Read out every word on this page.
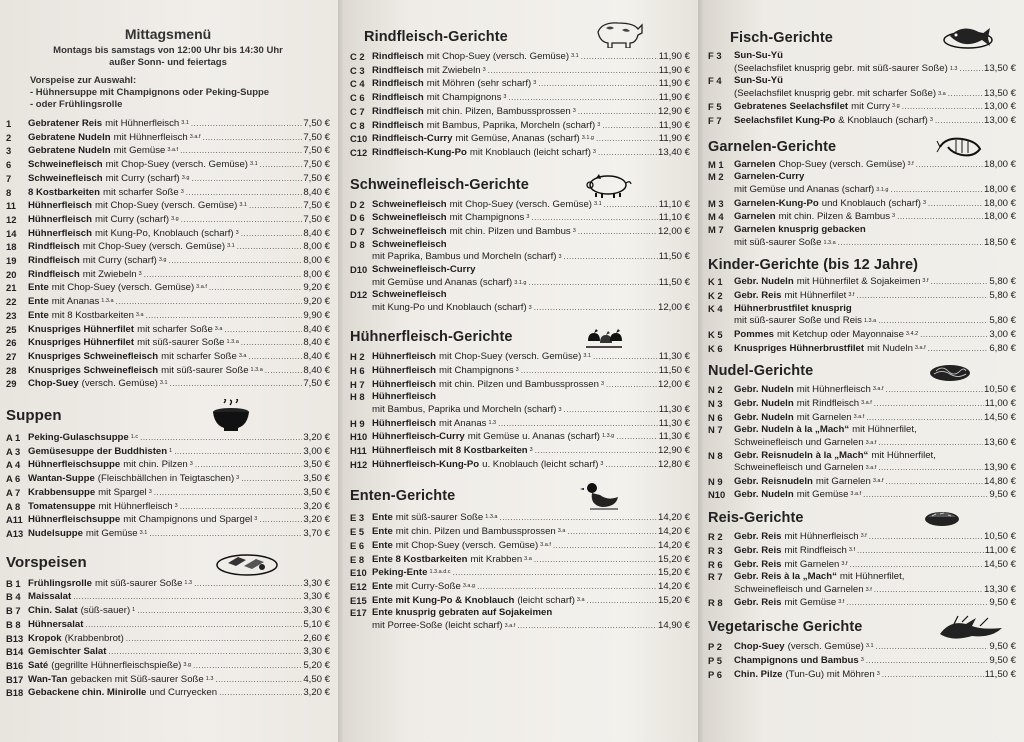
Mittagsmenü
Montags bis samstags von 12:00 Uhr bis 14:30 Uhr
außer Sonn- und feiertags
Vorspeise zur Auswahl:
- Hühnersuppe mit Champignons oder Peking-Suppe
- oder Frühlingsrolle
1	Gebratener Reis mit Hühnerfleisch 3.1 .....	7,50 €
2	Gebratene Nudeln mit Hühnerfleisch 3.a.f .....	7,50 €
3	Gebratene Nudeln mit Gemüse 3.a.f .....	7,50 €
6	Schweinefleisch mit Chop-Suey (versch. Gemüse) 3.1 .....	7,50 €
7	Schweinefleisch mit Curry (scharf) 3.g .....	7,50 €
8	8 Kostbarkeiten mit scharfer Soße 3 .....	8,40 €
11	Hühnerfleisch mit Chop-Suey (versch. Gemüse) 3.1 .....	7,50 €
12	Hühnerfleisch mit Curry (scharf) 3.g .....	7,50 €
14	Hühnerfleisch mit Kung-Po, Knoblauch (scharf) 3 .....	8,40 €
18	Rindfleisch mit Chop-Suey (versch. Gemüse) 3.1 .....	8,00 €
19	Rindfleisch mit Curry (scharf) 3.g .....	8,00 €
20	Rindfleisch mit Zwiebeln 3 .....	8,00 €
21	Ente mit Chop-Suey (versch. Gemüse) 3.a.f .....	9,20 €
22	Ente mit Ananas 1.3.a .....	9,20 €
23	Ente mit 8 Kostbarkeiten 3.a .....	9,90 €
25	Knuspriges Hühnerfilet mit scharfer Soße 3.a .....	8,40 €
26	Knuspriges Hühnerfilet mit süß-saurer Soße 1.3.a .....	8,40 €
27	Knuspriges Schweinefleisch mit scharfer Soße 3.a .....	8,40 €
28	Knuspriges Schweinefleisch mit süß-saurer Soße 1.3.a .....	8,40 €
29	Chop-Suey (versch. Gemüse) 3.1 .....	7,50 €
Suppen
A 1 Peking-Gulaschsuppe 1.c .....	3,20 €
A 3 Gemüsesuppe der Buddhisten 1 .....	3,00 €
A 4 Hühnerfleischsuppe mit chin. Pilzen 3 .....	3,50 €
A 6 Wantan-Suppe (Fleischbällchen in Teigtaschen) 3 .....	3,50 €
A 7 Krabbensuppe mit Spargel 3 .....	3,50 €
A 8 Tomatensuppe mit Hühnerfleisch 3 .....	3,20 €
A11 Hühnerfleischsuppe mit Champignons und Spargel 3 .....	3,20 €
A13 Nudelsuppe mit Gemüse 3.1 .....	3,70 €
Vorspeisen
B 1 Frühlingsrolle mit süß-saurer Soße 1.3 .....	3,30 €
B 4 Maissalat .....	3,30 €
B 7 Chin. Salat (süß-sauer) 1 .....	3,30 €
B 8 Hühnersalat .....	5,10 €
B13 Kropok (Krabbenbrot) .....	2,60 €
B14 Gemischter Salat .....	3,30 €
B16 Saté (gegrillte Hühnerfleischspieße) 3.g .....	5,20 €
B17 Wan-Tan gebacken mit Süß-saurer Soße 1.3 .....	4,50 €
B18 Gebackene chin. Minirolle und Curryecken .....	3,20 €
Rindfleisch-Gerichte
C 2 Rindfleisch mit Chop-Suey (versch. Gemüse) 3.1 .....	11,90 €
C 3 Rindfleisch mit Zwiebeln 3 .....	11,90 €
C 4 Rindfleisch mit Möhren (sehr scharf) 3 .....	11,90 €
C 6 Rindfleisch mit Champignons 3 .....	11,90 €
C 7 Rindfleisch mit chin. Pilzen, Bambussprossen 3 .....	12,90 €
C 8 Rindfleisch mit Bambus, Paprika, Morcheln (scharf) 3 .....	11,90 €
C10 Rindfleisch-Curry mit Gemüse, Ananas (scharf) 3.1.g .....	11,90 €
C12 Rindfleisch-Kung-Po mit Knoblauch (leicht scharf) 3 .....	13,40 €
Schweinefleisch-Gerichte
D 2 Schweinefleisch mit Chop-Suey (versch. Gemüse) 3.1 .....	11,10 €
D 6 Schweinefleisch mit Champignons 3 .....	11,10 €
D 7 Schweinefleisch mit chin. Pilzen und Bambus 3 .....	12,00 €
D 8 Schweinefleisch
mit Paprika, Bambus und Morcheln (scharf) 3 .....	11,50 €
D10 Schweinefleisch-Curry
mit Gemüse und Ananas (scharf) 3.1.g .....	11,50 €
D12 Schweinefleisch
mit Kung-Po und Knoblauch (scharf) 3 .....	12,00 €
Hühnerfleisch-Gerichte
H 2 Hühnerfleisch mit Chop-Suey (versch. Gemüse) 3.1 .....	11,30 €
H 6 Hühnerfleisch mit Champignons 3 .....	11,50 €
H 7 Hühnerfleisch mit chin. Pilzen und Bambussprossen 3 .....	12,00 €
H 8 Hühnerfleisch
mit Bambus, Paprika und Morcheln (scharf) 3 .....	11,30 €
H 9 Hühnerfleisch mit Ananas 1.3 .....	11,30 €
H10 Hühnerfleisch-Curry mit Gemüse u. Ananas (scharf) 1.3.g .....	11,30 €
H11 Hühnerfleisch mit 8 Kostbarkeiten 3 .....	12,90 €
H12 Hühnerfleisch-Kung-Po u. Knoblauch (leicht scharf) 3 .....	12,80 €
Enten-Gerichte
E 3 Ente mit süß-saurer Soße 1.3.a .....	14,20 €
E 5 Ente mit chin. Pilzen und Bambussprossen 3.a .....	14,20 €
E 6 Ente mit Chop-Suey (versch. Gemüse) 3.a.f .....	14,20 €
E 8 Ente 8 Kostbarkeiten mit Krabben 3.a .....	15,20 €
E10 Peking-Ente 1.3.a.d.c .....	15,20 €
E12 Ente mit Curry-Soße 3.a.g .....	14,20 €
E15 Ente mit Kung-Po & Knoblauch (leicht scharf) 3.a .....	15,20 €
E17 Ente knusprig gebraten auf Sojakeimen
mit Porree-Soße (leicht scharf) 3.a.f .....	14,90 €
Fisch-Gerichte
F 3	Sun-Su-Yü
(Seelachsfilet knusprig gebr. mit süß-saurer Soße) 1.3 .....	13,50 €
F 4	Sun-Su-Yü
(Seelachsfilet knusprig gebr. mit scharfer Soße) 3.a .....	13,50 €
F 5	Gebratenes Seelachsfilet mit Curry 3.g .....	13,00 €
F 7	Seelachsfilet Kung-Po & Knoblauch (scharf) 3 .....	13,00 €
Garnelen-Gerichte
M 1	Garnelen Chop-Suey (versch. Gemüse) 3.f .....	18,00 €
M 2	Garnelen-Curry
mit Gemüse und Ananas (scharf) 3.1.g .....	18,00 €
M 3	Garnelen-Kung-Po und Knoblauch (scharf) 3 .....	18,00 €
M 4	Garnelen mit chin. Pilzen & Bambus 3 .....	18,00 €
M 7	Garnelen knusprig gebacken
mit süß-saurer Soße 1.3.a .....	18,50 €
Kinder-Gerichte (bis 12 Jahre)
K 1	Gebr. Nudeln mit Hühnerfilet & Sojakeimen 3.f .....	5,80 €
K 2	Gebr. Reis mit Hühnerfilet 3.f .....	5,80 €
K 4	Hühnerbrustfilet knusprig
mit süß-saurer Soße und Reis 1.3.a .....	5,80 €
K 5	Pommes mit Ketchup oder Mayonnaise 3.4.2 .....	3,00 €
K 6	Knuspriges Hühnerbrustfilet mit Nudeln 3.a.f .....	6,80 €
Nudel-Gerichte
N 2	Gebr. Nudeln mit Hühnerfleisch 3.a.f .....	10,50 €
N 3	Gebr. Nudeln mit Rindfleisch 3.a.f .....	11,00 €
N 6	Gebr. Nudeln mit Garnelen 3.a.f .....	14,50 €
N 7	Gebr. Nudeln à la „Mach“ mit Hühnerfilet,
Schweinefleisch und Garnelen 3.a.f .....	13,60 €
N 8	Gebr. Reisnudeln à la „Mach“ mit Hühnerfilet,
Schweinefleisch und Garnelen 3.a.f .....	13,90 €
N 9	Gebr. Reisnudeln mit Garnelen 3.a.f .....	14,80 €
N10 Gebr. Nudeln mit Gemüse 3.a.f .....	9,50 €
Reis-Gerichte
R 2	Gebr. Reis mit Hühnerfleisch 3.f .....	10,50 €
R 3	Gebr. Reis mit Rindfleisch 3.f .....	11,00 €
R 6	Gebr. Reis mit Garnelen 3.f .....	14,50 €
R 7	Gebr. Reis à la „Mach“ mit Hühnerfilet,
Schweinefleisch und Garnelen 3.f .....	13,30 €
R 8	Gebr. Reis mit Gemüse 3.f .....	9,50 €
Vegetarische Gerichte
P 2	Chop-Suey (versch. Gemüse) 3.1 .....	9,50 €
P 5	Champignons und Bambus 3 .....	9,50 €
P 6	Chin. Pilze (Tun-Gu) mit Möhren 3 .....	11,50 €
